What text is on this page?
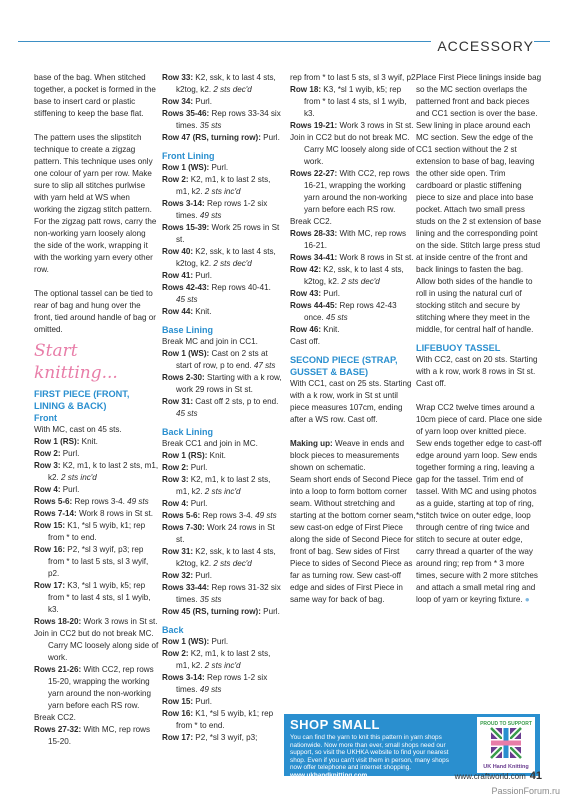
ACCESSORY

base of the bag. When stitched together, a pocket is formed in the base to insert card or plastic stiffening to keep the base flat.

The pattern uses the slipstitch technique to create a zigzag pattern. This technique uses only one colour of yarn per row. Make sure to slip all stitches purlwise with yarn held at WS when working the zigzag stitch pattern. For the zigzag patt rows, carry the non-working yarn loosely along the side of the work, wrapping it with the working yarn every other row.

The optional tassel can be tied to rear of bag and hung over the front, tied around handle of bag or omitted.

Start knitting...
FIRST PIECE (FRONT, LINING & BACK)
Front

With MC, cast on 45 sts.

Row 1 (RS): Knit.

Row 2: Purl.

Row 3: K2, m1, k to last 2 sts, m1, k2. 2 sts inc'd

Row 4: Purl.

Rows 5-6: Rep rows 3-4. 49 sts

Rows 7-14: Work 8 rows in St st.

Row 15: K1, *sl 5 wyib, k1; rep from * to end.

Row 16: P2, *sl 3 wyif, p3; rep from * to last 5 sts, sl 3 wyif, p2.

Row 17: K3, *sl 1 wyib, k5; rep from * to last 4 sts, sl 1 wyib, k3.

Rows 18-20: Work 3 rows in St st.

Join in CC2 but do not break MC. Carry MC loosely along side of work.

Rows 21-26: With CC2, rep rows 15-20, wrapping the working yarn around the non-working yarn before each RS row.

Break CC2.

Rows 27-32: With MC, rep rows 15-20.

Row 33: K2, ssk, k to last 4 sts, k2tog, k2. 2 sts dec'd

Row 34: Purl.

Rows 35-46: Rep rows 33-34 six times. 35 sts

Row 47 (RS, turning row): Purl.

Front Lining

Row 1 (WS): Purl.

Row 2: K2, m1, k to last 2 sts, m1, k2. 2 sts inc'd

Rows 3-14: Rep rows 1-2 six times. 49 sts

Rows 15-39: Work 25 rows in St st.

Row 40: K2, ssk, k to last 4 sts, k2tog, k2. 2 sts dec'd

Row 41: Purl.

Rows 42-43: Rep rows 40-41. 45 sts

Row 44: Knit.

Base Lining

Break MC and join in CC1.

Row 1 (WS): Cast on 2 sts at start of row, p to end. 47 sts

Rows 2-30: Starting with a k row, work 29 rows in St st.

Row 31: Cast off 2 sts, p to end. 45 sts

Back Lining

Break CC1 and join in MC.

Row 1 (RS): Knit.

Row 2: Purl.

Row 3: K2, m1, k to last 2 sts, m1, k2. 2 sts inc'd

Row 4: Purl.

Rows 5-6: Rep rows 3-4. 49 sts

Rows 7-30: Work 24 rows in St st.

Row 31: K2, ssk, k to last 4 sts, k2tog, k2. 2 sts dec'd

Row 32: Purl.

Rows 33-44: Rep rows 31-32 six times. 35 sts

Row 45 (RS, turning row): Purl.

Back

Row 1 (WS): Purl.

Row 2: K2, m1, k to last 2 sts, m1, k2. 2 sts inc'd

Rows 3-14: Rep rows 1-2 six times. 49 sts

Row 15: Purl.

Row 16: K1, *sl 5 wyib, k1; rep from * to end.

Row 17: P2, *sl 3 wyif, p3;

rep from * to last 5 sts, sl 3 wyif, p2.

Row 18: K3, *sl 1 wyib, k5; rep from * to last 4 sts, sl 1 wyib, k3.

Rows 19-21: Work 3 rows in St st.

Join in CC2 but do not break MC. Carry MC loosely along side of work.

Rows 22-27: With CC2, rep rows 16-21, wrapping the working yarn around the non-working yarn before each RS row.

Break CC2.

Rows 28-33: With MC, rep rows 16-21.

Rows 34-41: Work 8 rows in St st.

Row 42: K2, ssk, k to last 4 sts, k2tog, k2. 2 sts dec'd

Row 43: Purl.

Rows 44-45: Rep rows 42-43 once. 45 sts

Row 46: Knit.

Cast off.

SECOND PIECE (STRAP, GUSSET & BASE)

With CC1, cast on 25 sts. Starting with a k row, work in St st until piece measures 107cm, ending after a WS row. Cast off.

Making up: Weave in ends and block pieces to measurements shown on schematic.

Seam short ends of Second Piece into a loop to form bottom corner seam. Without stretching and starting at the bottom corner seam, sew cast-on edge of First Piece along the side of Second Piece for front of bag. Sew sides of First Piece to sides of Second Piece as far as turning row. Sew cast-off edge and sides of First Piece in same way for back of bag.

Place First Piece linings inside bag so the MC section overlaps the patterned front and back pieces and CC1 section is over the base. Sew lining in place around each MC section. Sew the edge of the CC1 section without the 2 st extension to base of bag, leaving the other side open. Trim cardboard or plastic stiffening piece to size and place into base pocket. Attach two small press studs on the 2 st extension of base lining and the corresponding point on the side. Stitch large press stud at inside centre of the front and back linings to fasten the bag.

Allow both sides of the handle to roll in using the natural curl of stocking stitch and secure by stitching where they meet in the middle, for central half of handle.

LIFEBUOY TASSEL

With CC2, cast on 20 sts. Starting with a k row, work 8 rows in St st. Cast off.

Wrap CC2 twelve times around a 10cm piece of card. Place one side of yarn loop over knitted piece. Sew ends together edge to cast-off edge around yarn loop. Sew ends together forming a ring, leaving a gap for the tassel. Trim end of tassel. With MC and using photos as a guide, starting at top of ring, *stitch twice on outer edge, loop through centre of ring twice and stitch to secure at outer edge, carry thread a quarter of the way around ring; rep from * 3 more times, secure with 2 more stitches and attach a small metal ring and loop of yarn or keyring fixture. ●

SHOP SMALL
You can find the yarn to knit this pattern in yarn shops nationwide. Now more than ever, small shops need our support, so visit the UKHKA website to find your nearest shop. Even if you can't visit them in person, many shops now offer telephone and internet shopping. www.ukhandknitting.com
PROUD TO SUPPORT
UK Hand Knitting
www.craftworld.com 41
PassionForum.ru
